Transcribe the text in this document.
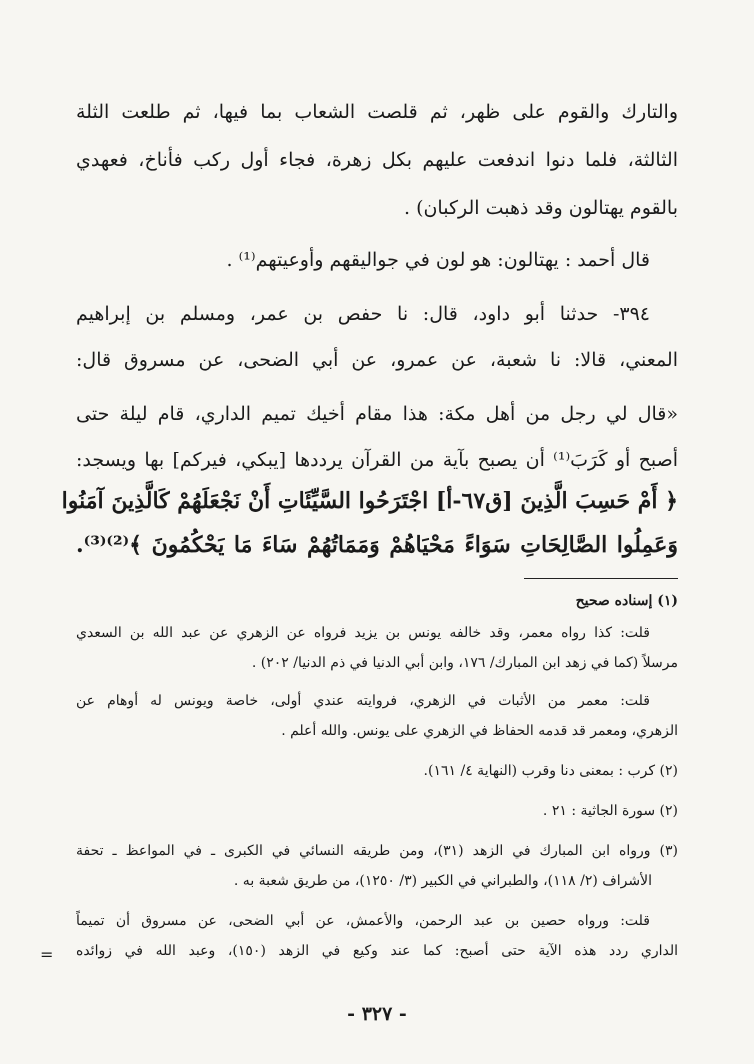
والتارك والقوم على ظهر، ثم قلصت الشعاب بما فيها، ثم طلعت الثلة
الثالثة، فلما دنوا اندفعت عليهم بكل زهرة، فجاء أول ركب فأناخ، فعهدي
بالقوم يهتالون وقد ذهبت الركبان) .
قال أحمد : يهتالون: هو لون في جواليقهم وأوعيتهم⁽¹⁾ .
٣٩٤- حدثنا أبو داود، قال: نا حفص بن عمر، ومسلم بن إبراهيم
المعني، قالا: نا شعبة، عن عمرو، عن أبي الضحى، عن مسروق قال:
«قال لي رجل من أهل مكة: هذا مقام أخيك تميم الداري، قام ليلة حتى
أصبح أو كَرَبَ⁽¹⁾ أن يصبح بآية من القرآن يرددها [يبكي، فيركم] بها ويسجد:
﴿ أَمْ حَسِبَ الَّذِينَ [ق٦٧-أ] اجْتَرَحُوا السَّيِّئَاتِ أَنْ نَجْعَلَهُمْ كَالَّذِينَ آمَنُوا
وَعَمِلُوا الصَّالِحَاتِ سَوَاءً مَحْيَاهُمْ وَمَمَاتُهُمْ سَاءَ مَا يَحْكُمُونَ ﴾⁽²⁾⁽³⁾.
(١) إسناده صحيح
قلت: كذا رواه معمر، وقد خالفه يونس بن يزيد فرواه عن الزهري عن عبد الله بن السعدي
مرسلاً (كما في زهد ابن المبارك/ ١٧٦، وابن أبي الدنيا في ذم الدنيا/ ٢٠٢) .
قلت: معمر من الأثبات في الزهري، فروايته عندي أولى، خاصة ويونس له أوهام عن
الزهري، ومعمر قد قدمه الحفاظ في الزهري على يونس. والله أعلم .
(٢) كرب : بمعنى دنا وقرب (النهاية ٤/ ١٦١).
(٢) سورة الجاثية : ٢١ .
(٣) ورواه ابن المبارك في الزهد (٣١)، ومن طريقه النسائي في الكبرى ـ في المواعظ ـ تحفة
الأشراف (٢/ ١١٨)، والطبراني في الكبير (٣/ ١٢٥٠)، من طريق شعبة به .
قلت: ورواه حصين بن عبد الرحمن، والأعمش، عن أبي الضحى، عن مسروق أن تميماً
الداري ردد هذه الآية حتى أصبح: كما عند وكيع في الزهد (١٥٠)، وعبد الله في زوائده
=
- ٣٢٧ -
